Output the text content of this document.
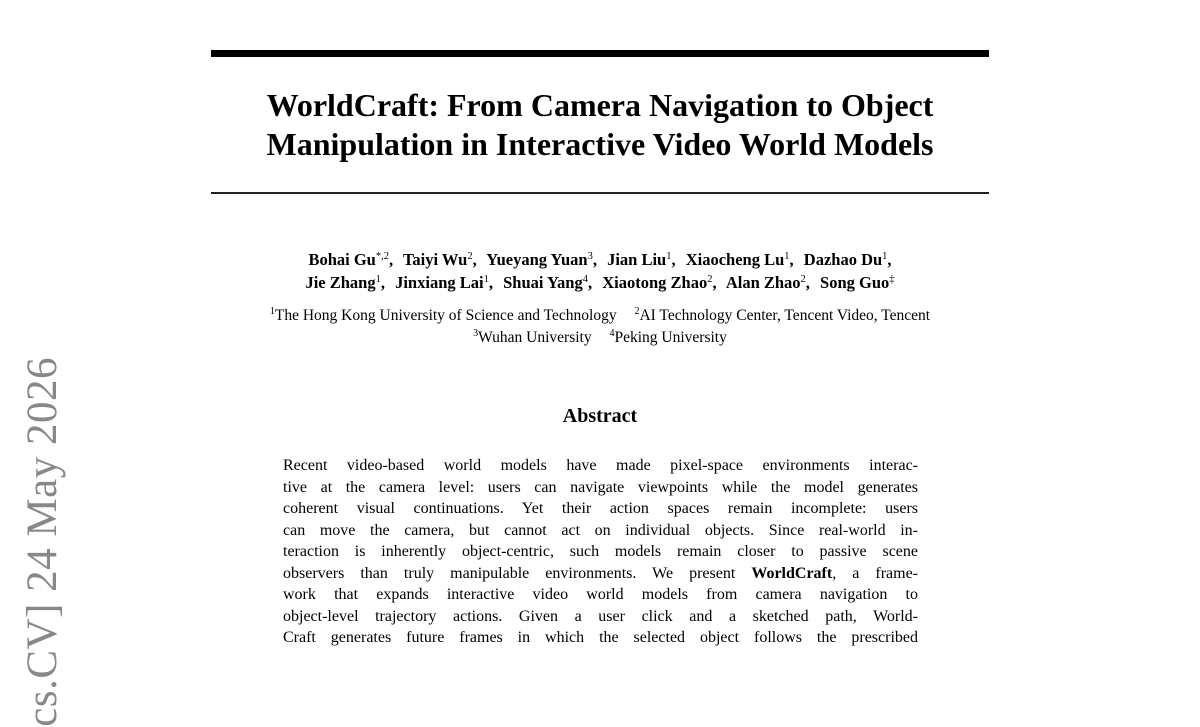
cs.CV] 24 May 2026
WorldCraft: From Camera Navigation to Object
Manipulation in Interactive Video World Models
Bohai $Gu^{*,2}$, Taiyi Wu$^2$, Yueyang Yuan$^3$, Jian Liu$^1$, Xiaocheng Lu$^1$, Dazhao Du$^1$,
Jie Zhang$^1$, Jinxiang Lai$^1$, Shuai Yang$^4$, Xiaotong Zhao$^2$, Alan Zhao$^2$, Song Guo‡
$^1$The Hong Kong University of Science and Technology $^2$AI Technology Center, Tencent Video, Tencent
$^3$Wuhan University $^4$Peking University
Abstract
Recent video-based world models have made pixel-space environments interac-
tive at the camera level: users can navigate viewpoints while the model generates
coherent visual continuations. Yet their action spaces remain incomplete: users
can move the camera, but cannot act on individual objects. Since real-world in-
teraction is inherently object-centric, such models remain closer to passive scene
observers than truly manipulable environments. We present WorldCraft, a frame-
work that expands interactive video world models from camera navigation to
object-level trajectory actions. Given a user click and a sketched path, World-
Craft generates future frames in which the selected object follows the prescribed
